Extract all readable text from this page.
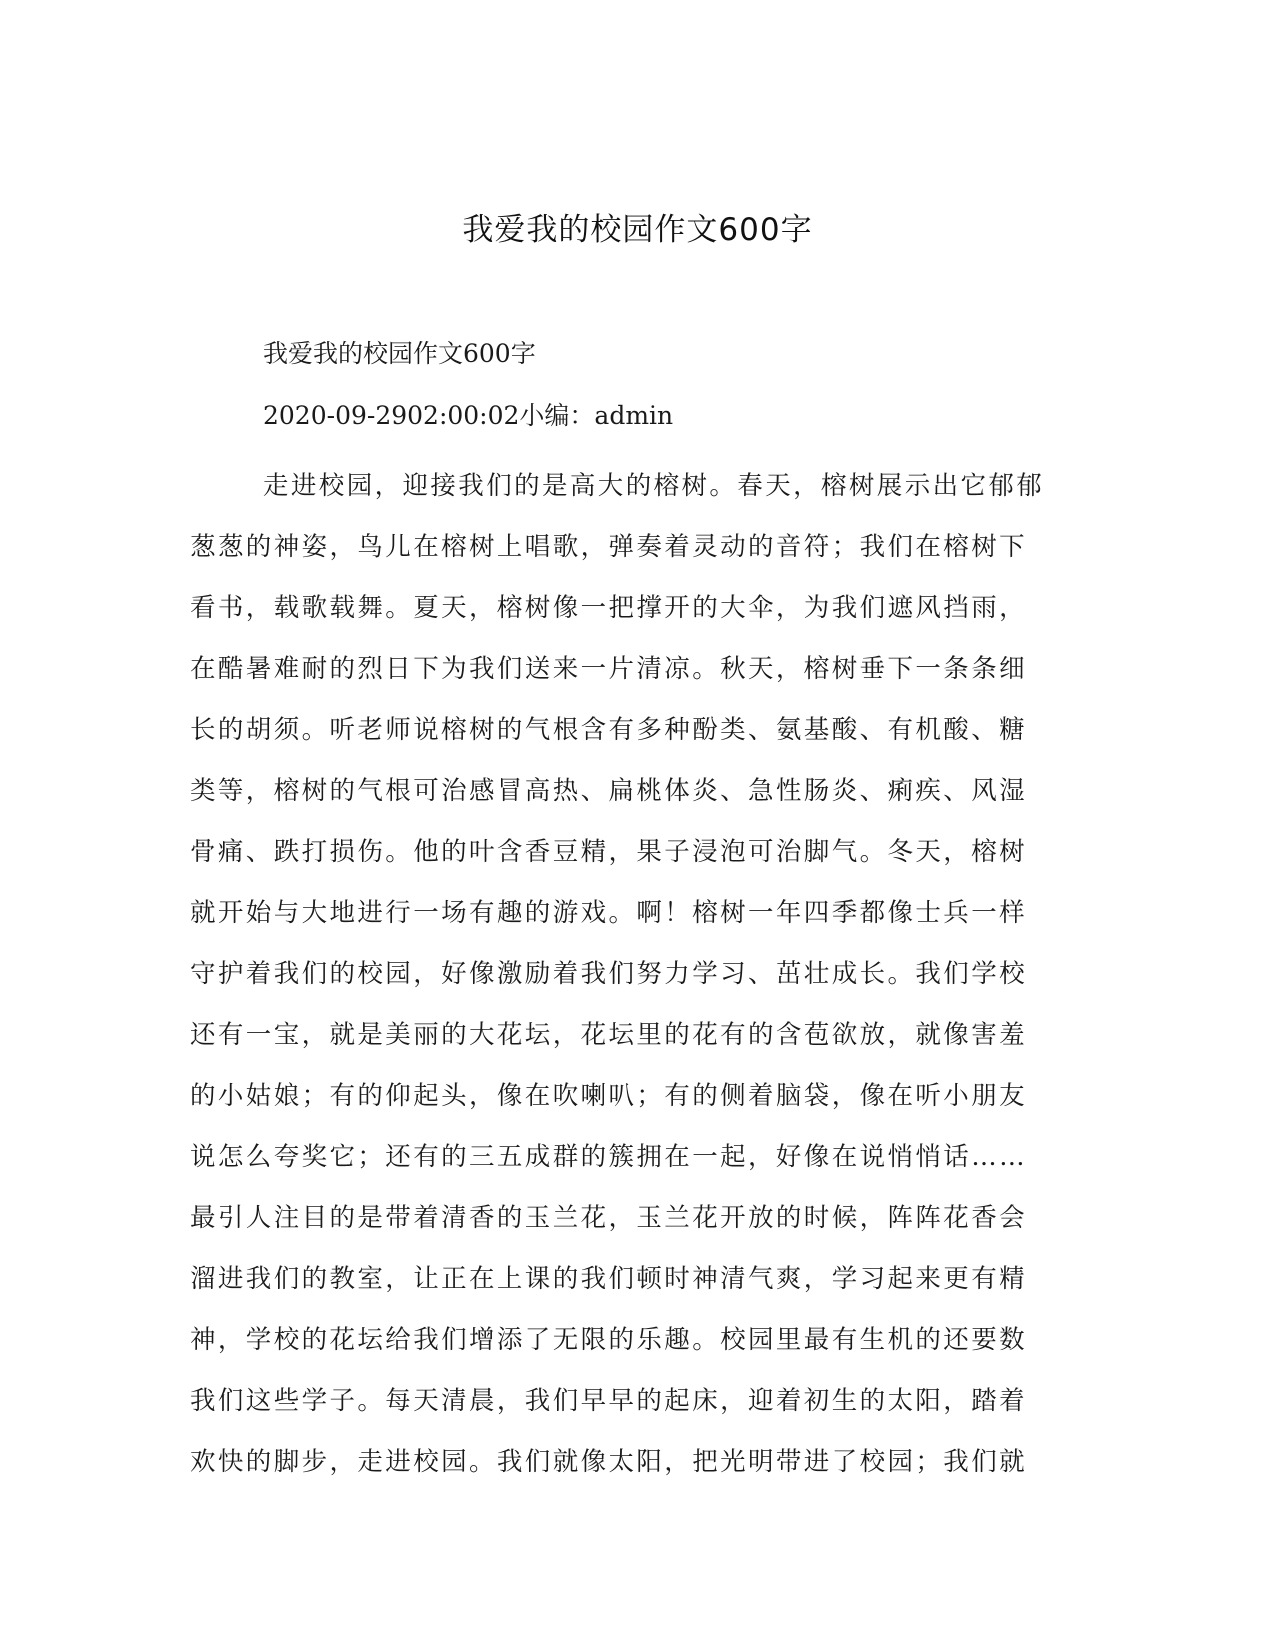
我爱我的校园作文600字
我爱我的校园作文600字
2020-09-2902:00:02小编：admin
走进校园，迎接我们的是高大的榕树。春天，榕树展示出它郁郁
葱葱的神姿，鸟儿在榕树上唱歌，弹奏着灵动的音符；我们在榕树下
看书，载歌载舞。夏天，榕树像一把撑开的大伞，为我们遮风挡雨，
在酷暑难耐的烈日下为我们送来一片清凉。秋天，榕树垂下一条条细
长的胡须。听老师说榕树的气根含有多种酚类、氨基酸、有机酸、糖
类等，榕树的气根可治感冒高热、扁桃体炎、急性肠炎、痢疾、风湿
骨痛、跌打损伤。他的叶含香豆精，果子浸泡可治脚气。冬天，榕树
就开始与大地进行一场有趣的游戏。啊！榕树一年四季都像士兵一样
守护着我们的校园，好像激励着我们努力学习、茁壮成长。我们学校
还有一宝，就是美丽的大花坛，花坛里的花有的含苞欲放，就像害羞
的小姑娘；有的仰起头，像在吹喇叭；有的侧着脑袋，像在听小朋友
说怎么夸奖它；还有的三五成群的簇拥在一起，好像在说悄悄话……
最引人注目的是带着清香的玉兰花，玉兰花开放的时候，阵阵花香会
溜进我们的教室，让正在上课的我们顿时神清气爽，学习起来更有精
神，学校的花坛给我们增添了无限的乐趣。校园里最有生机的还要数
我们这些学子。每天清晨，我们早早的起床，迎着初生的太阳，踏着
欢快的脚步，走进校园。我们就像太阳，把光明带进了校园；我们就
